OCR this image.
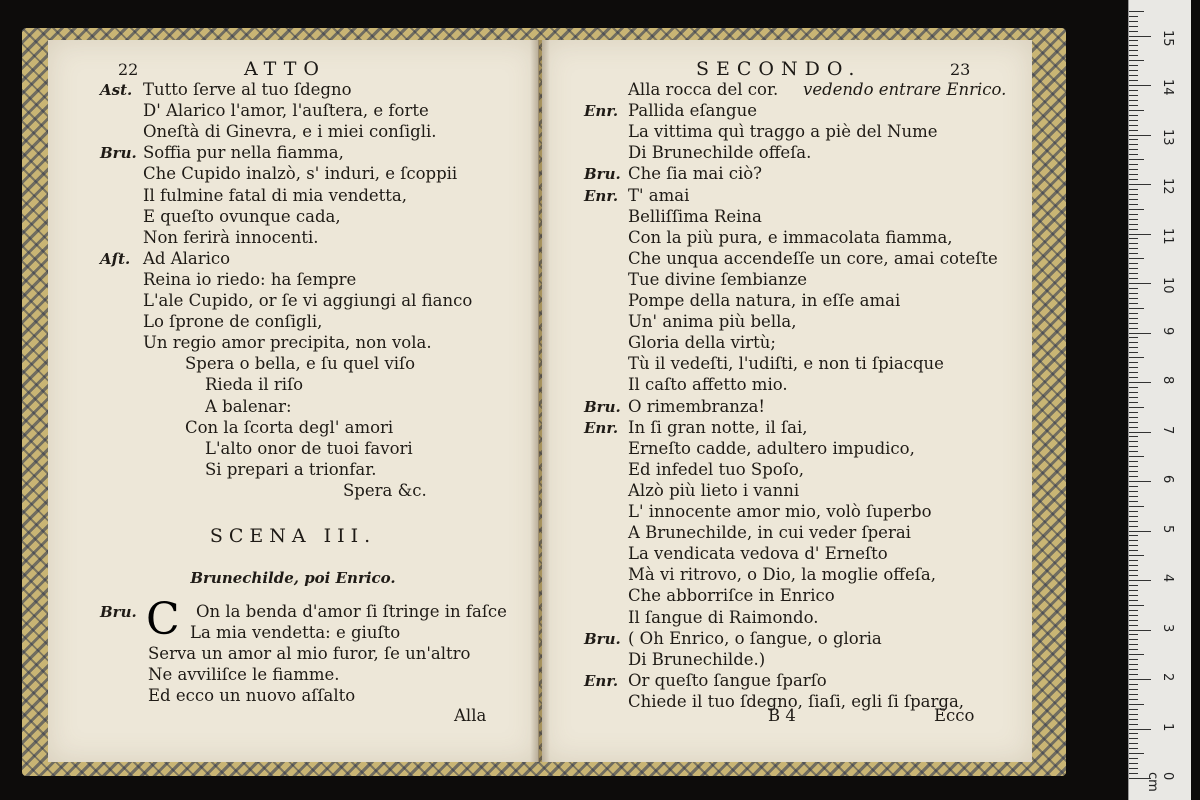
22	ATTO
Ast. Tutto ſerve al tuo ſdegno
D' Alarico l'amor, l'auſtera, e forte
Oneſtà di Ginevra, e i miei conſigli.
Bru. Soffia pur nella fiamma,
Che Cupido inalzò, s' induri, e ſcoppii
Il fulmine fatal di mia vendetta,
E queſto ovunque cada,
Non ferirà innocenti.
Aſt. Ad Alarico
Reina io riedo: ha ſempre
L'ale Cupido, or ſe vi aggiungi al fianco
Lo ſprone de conſigli,
Un regio amor precipita, non vola.
Spera o bella, e ſu quel viſo
Rieda il riſo
A balenar:
Con la ſcorta degl' amori
L'alto onor de tuoi favori
Si prepari a trionfar.
Spera &c.
SCENA III.
Brunechilde, poi Enrico.
C
Bru.	On la benda d'amor ſi ſtringe in faſce
La mia vendetta: e giuſto
Serva un amor al mio furor, ſe un'altro
Ne avviliſce le fiamme.
Ed ecco un nuovo aſſalto
Alla
SECONDO.	23
Alla rocca del cor. vedendo entrare Enrico.
Enr. Pallida eſangue
La vittima quì traggo a piè del Nume
Di Brunechilde offeſa.
Bru. Che ſia mai ciò?
Enr. T' amai
Belliſſima Reina
Con la più pura, e immacolata fiamma,
Che unqua accendeſſe un core, amai coteſte
Tue divine ſembianze
Pompe della natura, in eſſe amai
Un' anima più bella,
Gloria della virtù;
Tù il vedeſti, l'udiſti, e non ti ſpiacque
Il caſto affetto mio.
Bru. O rimembranza!
Enr. In ſi gran notte, il ſai,
Erneſto cadde, adultero impudico,
Ed infedel tuo Spoſo,
Alzò più lieto i vanni
L' innocente amor mio, volò ſuperbo
A Brunechilde, in cui veder ſperai
La vendicata vedova d' Erneſto
Mà vi ritrovo, o Dio, la moglie offeſa,
Che abborriſce in Enrico
Il ſangue di Raimondo.
Bru. ( Oh Enrico, o ſangue, o gloria
Di Brunechilde.)
Enr. Or queſto ſangue ſparſo
Chiede il tuo ſdegno, ſiaſi, egli ſi ſparga,
B 4	Ecco
0 cm
1
2
3
4
5
6
7
8
9
10
11
12
13
14
15
